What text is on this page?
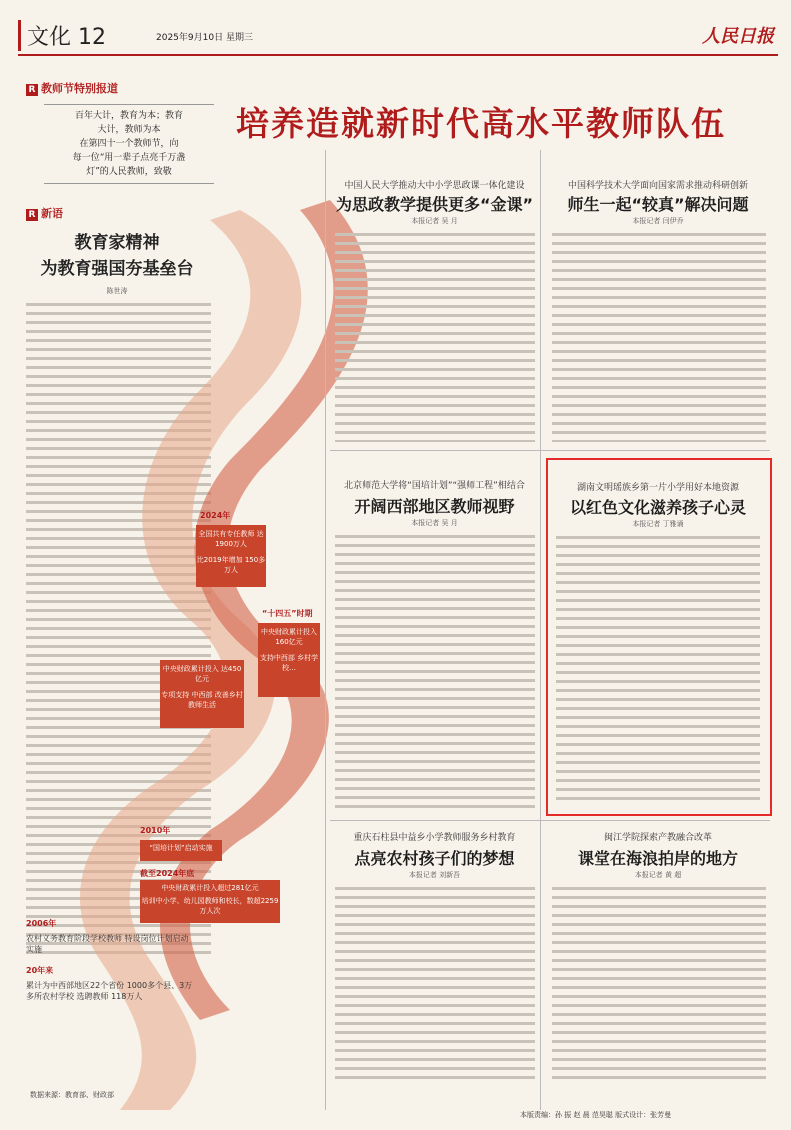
文化 12	2025年9月10日 星期三	人民日报
R 教师节特别报道
培养造就新时代高水平教师队伍
百年大计，教育为本；教育
大计，教师为本
在第四十一个教师节，向
每一位“用一辈子点亮千万盏
灯”的人民教师，致敬
R 新语
教育家精神
为教育强国夯基垒台
陈世涛
2024年
全国共有专任教师 达1900万人
比2019年增加 150多万人
“十四五”时期
中央财政累计投入 160亿元
支持中西部 乡村学校…
中央财政累计投入 达450亿元
专项支持 中西部 改善乡村教师生活
2010年
“国培计划”启动实施
截至2024年底
中央财政累计投入超过281亿元
培训中小学、幼儿园教师和校长，数超2259万人次
2006年
农村义务教育阶段学校教师 特设岗位计划启动实施
20年来
累计为中西部地区22个省份 1000多个县、3万多所农村学校 选聘教师 118万人
数据来源：教育部、财政部
中国人民大学推动大中小学思政课一体化建设
为思政教学提供更多“金课”
本报记者 吴 月
中国科学技术大学面向国家需求推动科研创新
师生一起“较真”解决问题
本报记者 闫伊乔
北京师范大学将“国培计划”“强师工程”相结合
开阔西部地区教师视野
本报记者 吴 月
湖南文明瑶族乡第一片小学用好本地资源
以红色文化滋养孩子心灵
本报记者 丁雅诵
重庆石柱县中益乡小学教师服务乡村教育
点亮农村孩子们的梦想
本报记者 刘新吾
闽江学院探索产教融合改革
课堂在海浪拍岸的地方
本报记者 黄 超
本版责编：孙 振 赵 晨 范昊聪 版式设计：张芳曼
